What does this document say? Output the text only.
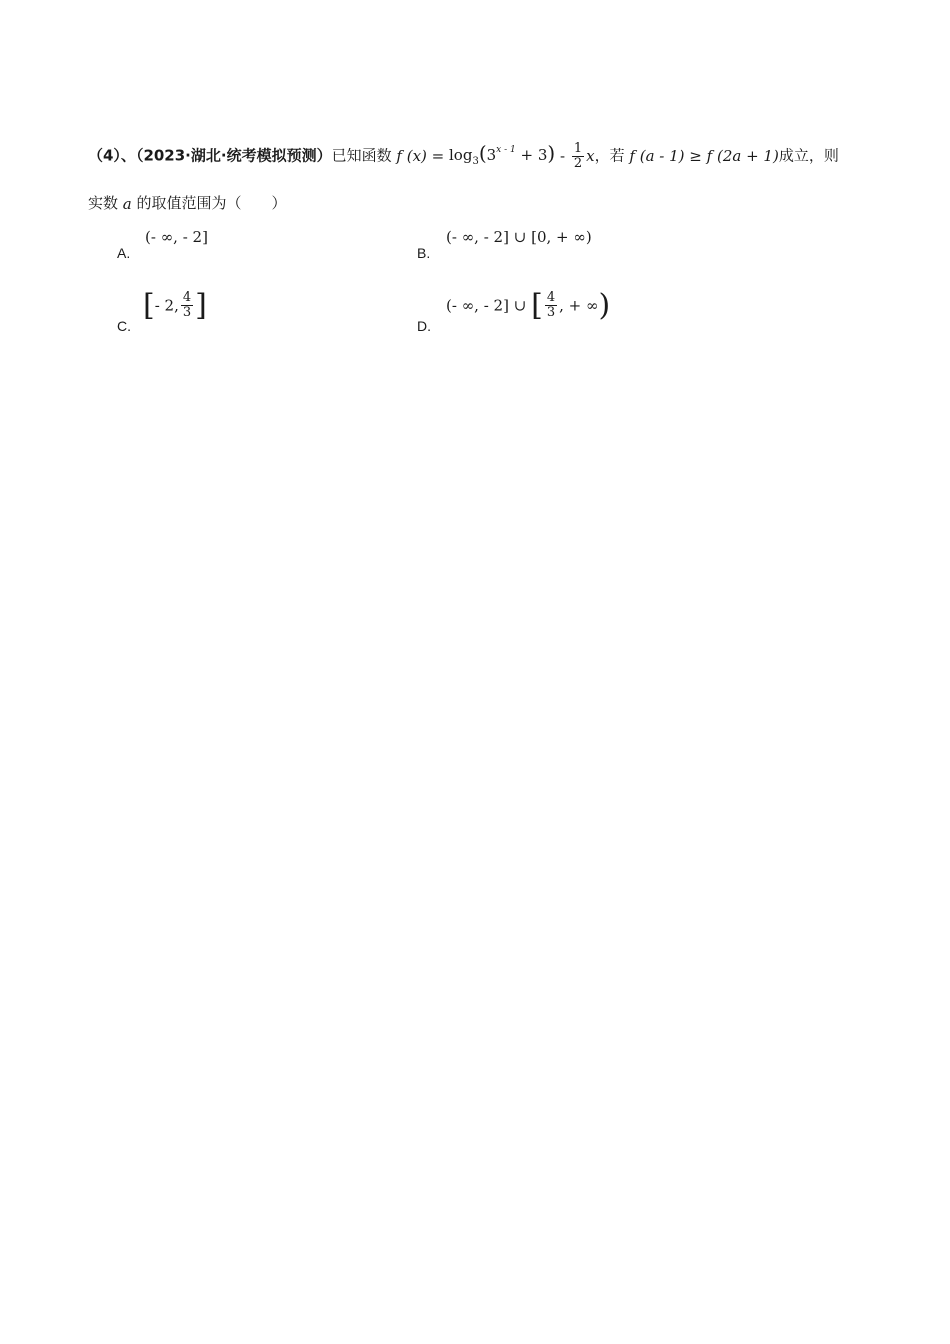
（4）、（2023·湖北·统考模拟预测）已知函数 f $(x) = \log_3(3^{x - 1} + 3) - \frac{1}{2}$ x，若 f (a - 1) ≥ f (2a + 1)成立，则
实数 a 的取值范围为（　　）
A.
(- ∞, - 2]
B.
(- ∞, - 2] ∪ [0, + ∞)
C.
[- 2, $\frac{4}{3}$ ]
D.
(- ∞, - 2] ∪ [ $\frac{4}{3}$ , + ∞)
